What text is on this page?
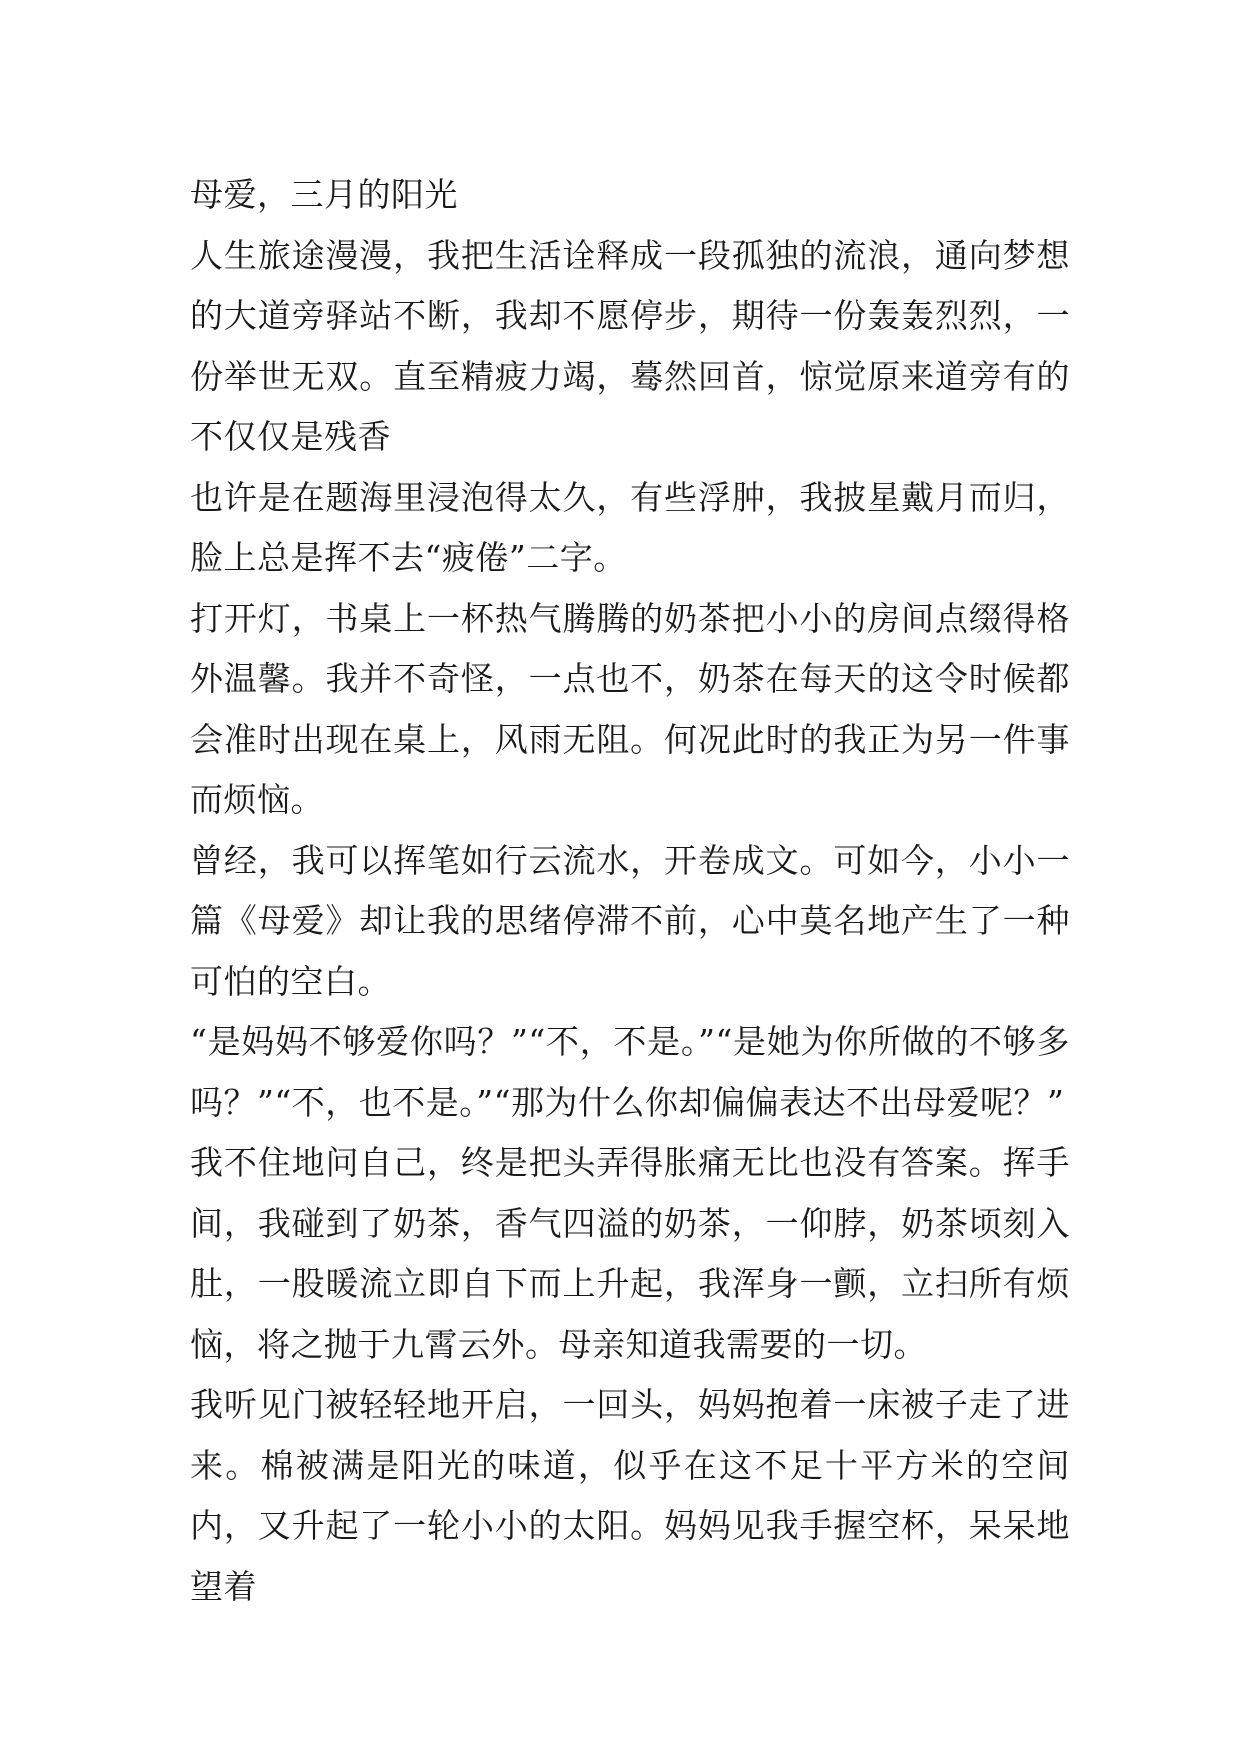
母爱，三月的阳光

人生旅途漫漫，我把生活诠释成一段孤独的流浪，通向梦想的大道旁驿站不断，我却不愿停步，期待一份轰轰烈烈，一份举世无双。直至精疲力竭，蓦然回首，惊觉原来道旁有的不仅仅是残香

也许是在题海里浸泡得太久，有些浮肿，我披星戴月而归，脸上总是挥不去“疲倦”二字。

打开灯，书桌上一杯热气腾腾的奶茶把小小的房间点缀得格外温馨。我并不奇怪，一点也不，奶茶在每天的这令时候都会准时出现在桌上，风雨无阻。何况此时的我正为另一件事而烦恼。

曾经，我可以挥笔如行云流水，开卷成文。可如今，小小一篇《母爱》却让我的思绪停滞不前，心中莫名地产生了一种可怕的空白。

“是妈妈不够爱你吗？”“不，不是。”“是她为你所做的不够多吗？”“不，也不是。”“那为什么你却偏偏表达不出母爱呢？”

我不住地问自己，终是把头弄得胀痛无比也没有答案。挥手间，我碰到了奶茶，香气四溢的奶茶，一仰脖，奶茶顷刻入肚，一股暖流立即自下而上升起，我浑身一颤，立扫所有烦恼，将之抛于九霄云外。母亲知道我需要的一切。

我听见门被轻轻地开启，一回头，妈妈抱着一床被子走了进来。棉被满是阳光的味道，似乎在这不足十平方米的空间内，又升起了一轮小小的太阳。妈妈见我手握空杯，呆呆地望着
